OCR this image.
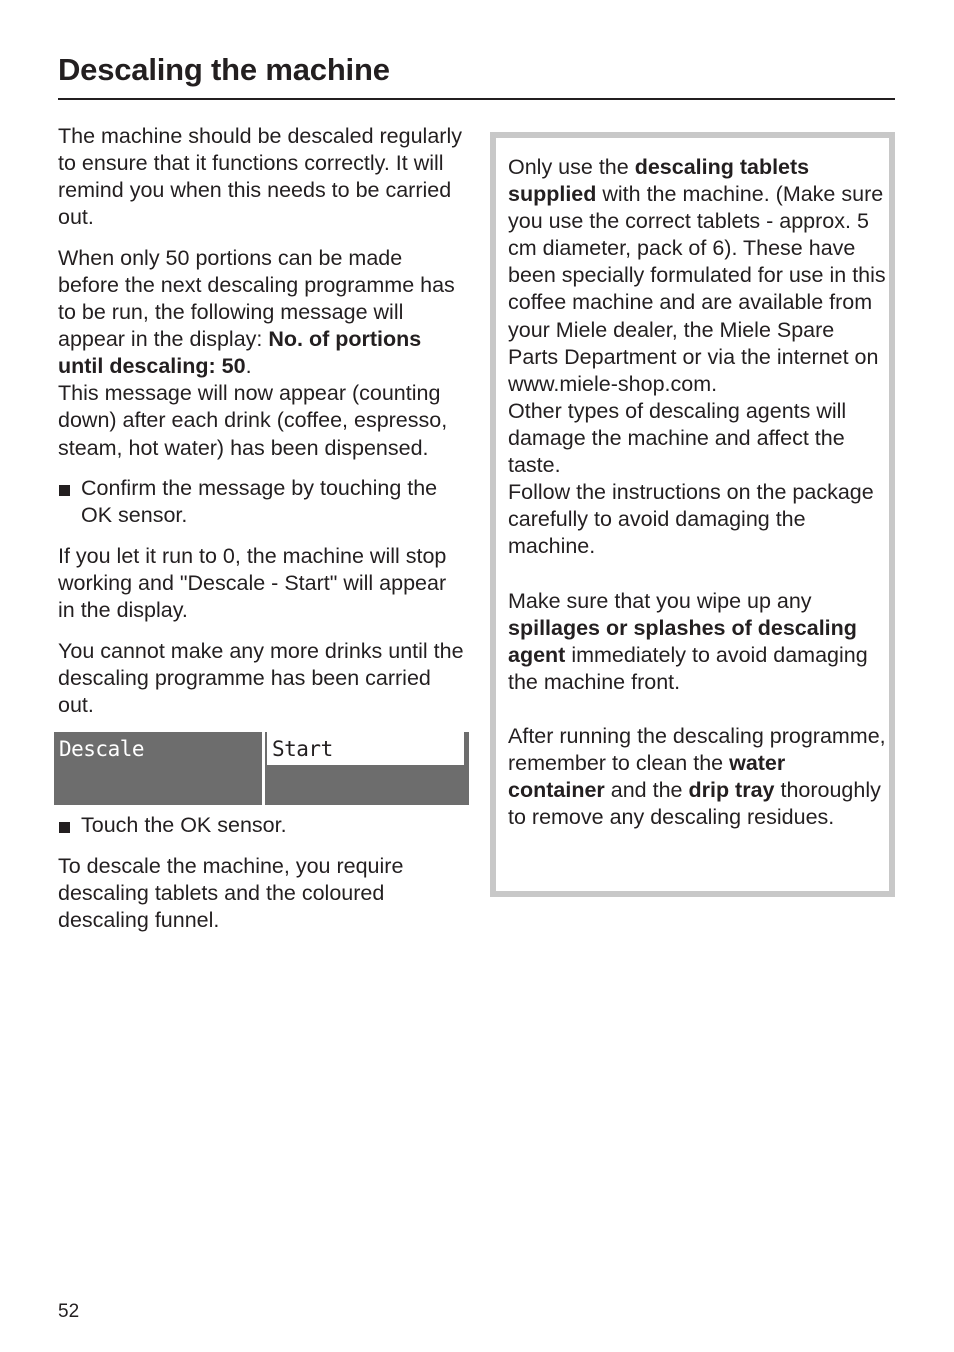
Descaling the machine

The machine should be descaled regularly to ensure that it functions correctly. It will remind you when this needs to be carried out.

When only 50 portions can be made before the next descaling programme has to be run, the following message will appear in the display: No. of portions until descaling: 50.
This message will now appear (counting down) after each drink (coffee, espresso, steam, hot water) has been dispensed.

Confirm the message by touching the OK sensor.

If you let it run to 0, the machine will stop working and "Descale - Start" will appear in the display.

You cannot make any more drinks until the descaling programme has been carried out.

Descale	Start
Touch the OK sensor.

To descale the machine, you require descaling tablets and the coloured descaling funnel.

Only use the descaling tablets supplied with the machine. (Make sure you use the correct tablets - approx. 5 cm diameter, pack of 6). These have been specially formulated for use in this coffee machine and are available from your Miele dealer, the Miele Spare Parts Department or via the internet on www.miele-shop.com.

Other types of descaling agents will damage the machine and affect the taste.

Follow the instructions on the package carefully to avoid damaging the machine.

Make sure that you wipe up any spillages or splashes of descaling agent immediately to avoid damaging the machine front.

After running the descaling programme, remember to clean the water container and the drip tray thoroughly to remove any descaling residues.

52
